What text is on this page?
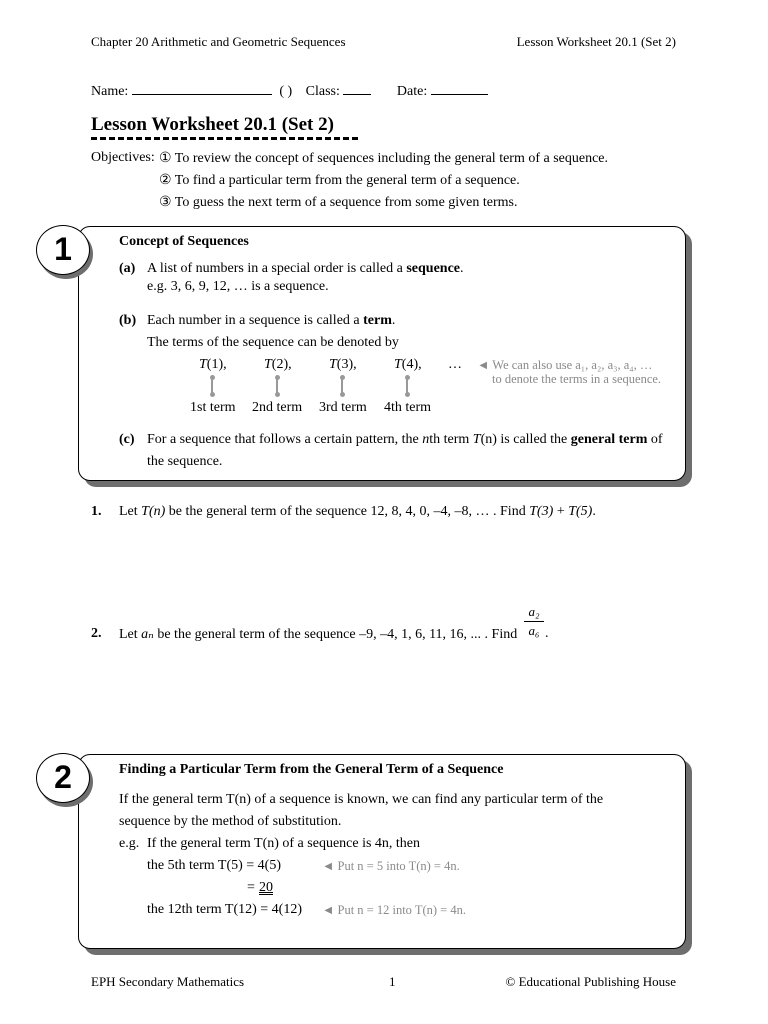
Chapter 20 Arithmetic and Geometric Sequences	Lesson Worksheet 20.1 (Set 2)
Name:	( ) Class:	Date:
Lesson Worksheet 20.1 (Set 2)
Objectives: ① To review the concept of sequences including the general term of a sequence.
② To find a particular term from the general term of a sequence.
③ To guess the next term of a sequence from some given terms.
1	Concept of Sequences
(a) A list of numbers in a special order is called a sequence.
e.g. 3, 6, 9, 12, … is a sequence.
(b) Each number in a sequence is called a term.
The terms of the sequence can be denoted by
T(1),	T(2),	T(3),	T(4), …
1st term 2nd term 3rd term 4th term
◄ We can also use a₁, a₂, a₃, a₄, …
to denote the terms in a sequence.
(c) For a sequence that follows a certain pattern, the nth term T(n) is called the general term of
the sequence.
1. Let T(n) be the general term of the sequence 12, 8, 4, 0, –4, –8, … . Find T(3) + T(5).
2. Let aₙ be the general term of the sequence –9, –4, 1, 6, 11, 16, ... . Find
a₂
a₆ .
2	Finding a Particular Term from the General Term of a Sequence
If the general term T(n) of a sequence is known, we can find any particular term of the
sequence by the method of substitution.
e.g. If the general term T(n) of a sequence is 4n, then
the 5th term T(5) = 4(5)	◄ Put n = 5 into T(n) = 4n.
= 20
the 12th term T(12) = 4(12) ◄ Put n = 12 into T(n) = 4n.
EPH Secondary Mathematics	1	© Educational Publishing House
